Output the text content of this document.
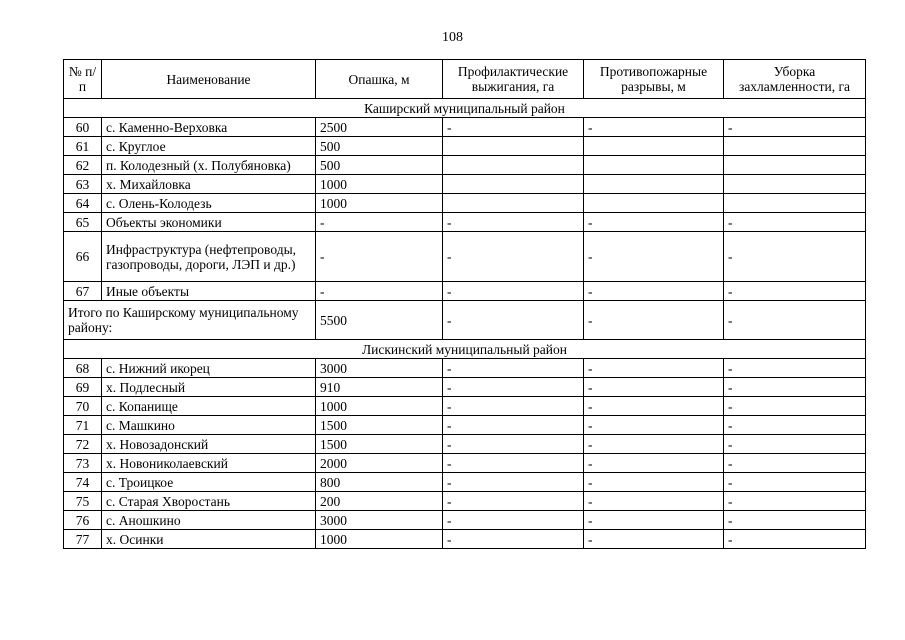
108
№ п/п	Наименование	Опашка, м	Профилактические выжигания, га	Противопожарные разрывы, м	Уборка захламленности, га
Каширский муниципальный район					
60	с. Каменно-Верховка	2500	-	-	-
61	с. Круглое	500			
62	п. Колодезный (х. Полубяновка)	500			
63	х. Михайловка	1000			
64	с. Олень-Колодезь	1000			
65	Объекты экономики	-	-	-	-
66	Инфраструктура (нефтепроводы, газопроводы, дороги, ЛЭП и др.)	-	-	-	-
67	Иные объекты	-	-	-	-
Итого по Каширскому муниципальному району:		5500	-	-	-
Лискинский муниципальный район					
68	с. Нижний икорец	3000	-	-	-
69	х. Подлесный	910	-	-	-
70	с. Копанище	1000	-	-	-
71	с. Машкино	1500	-	-	-
72	х. Новозадонский	1500	-	-	-
73	х. Новониколаевский	2000	-	-	-
74	с. Троицкое	800	-	-	-
75	с. Старая Хворостань	200	-	-	-
76	с. Аношкино	3000	-	-	-
77	х. Осинки	1000	-	-	-
